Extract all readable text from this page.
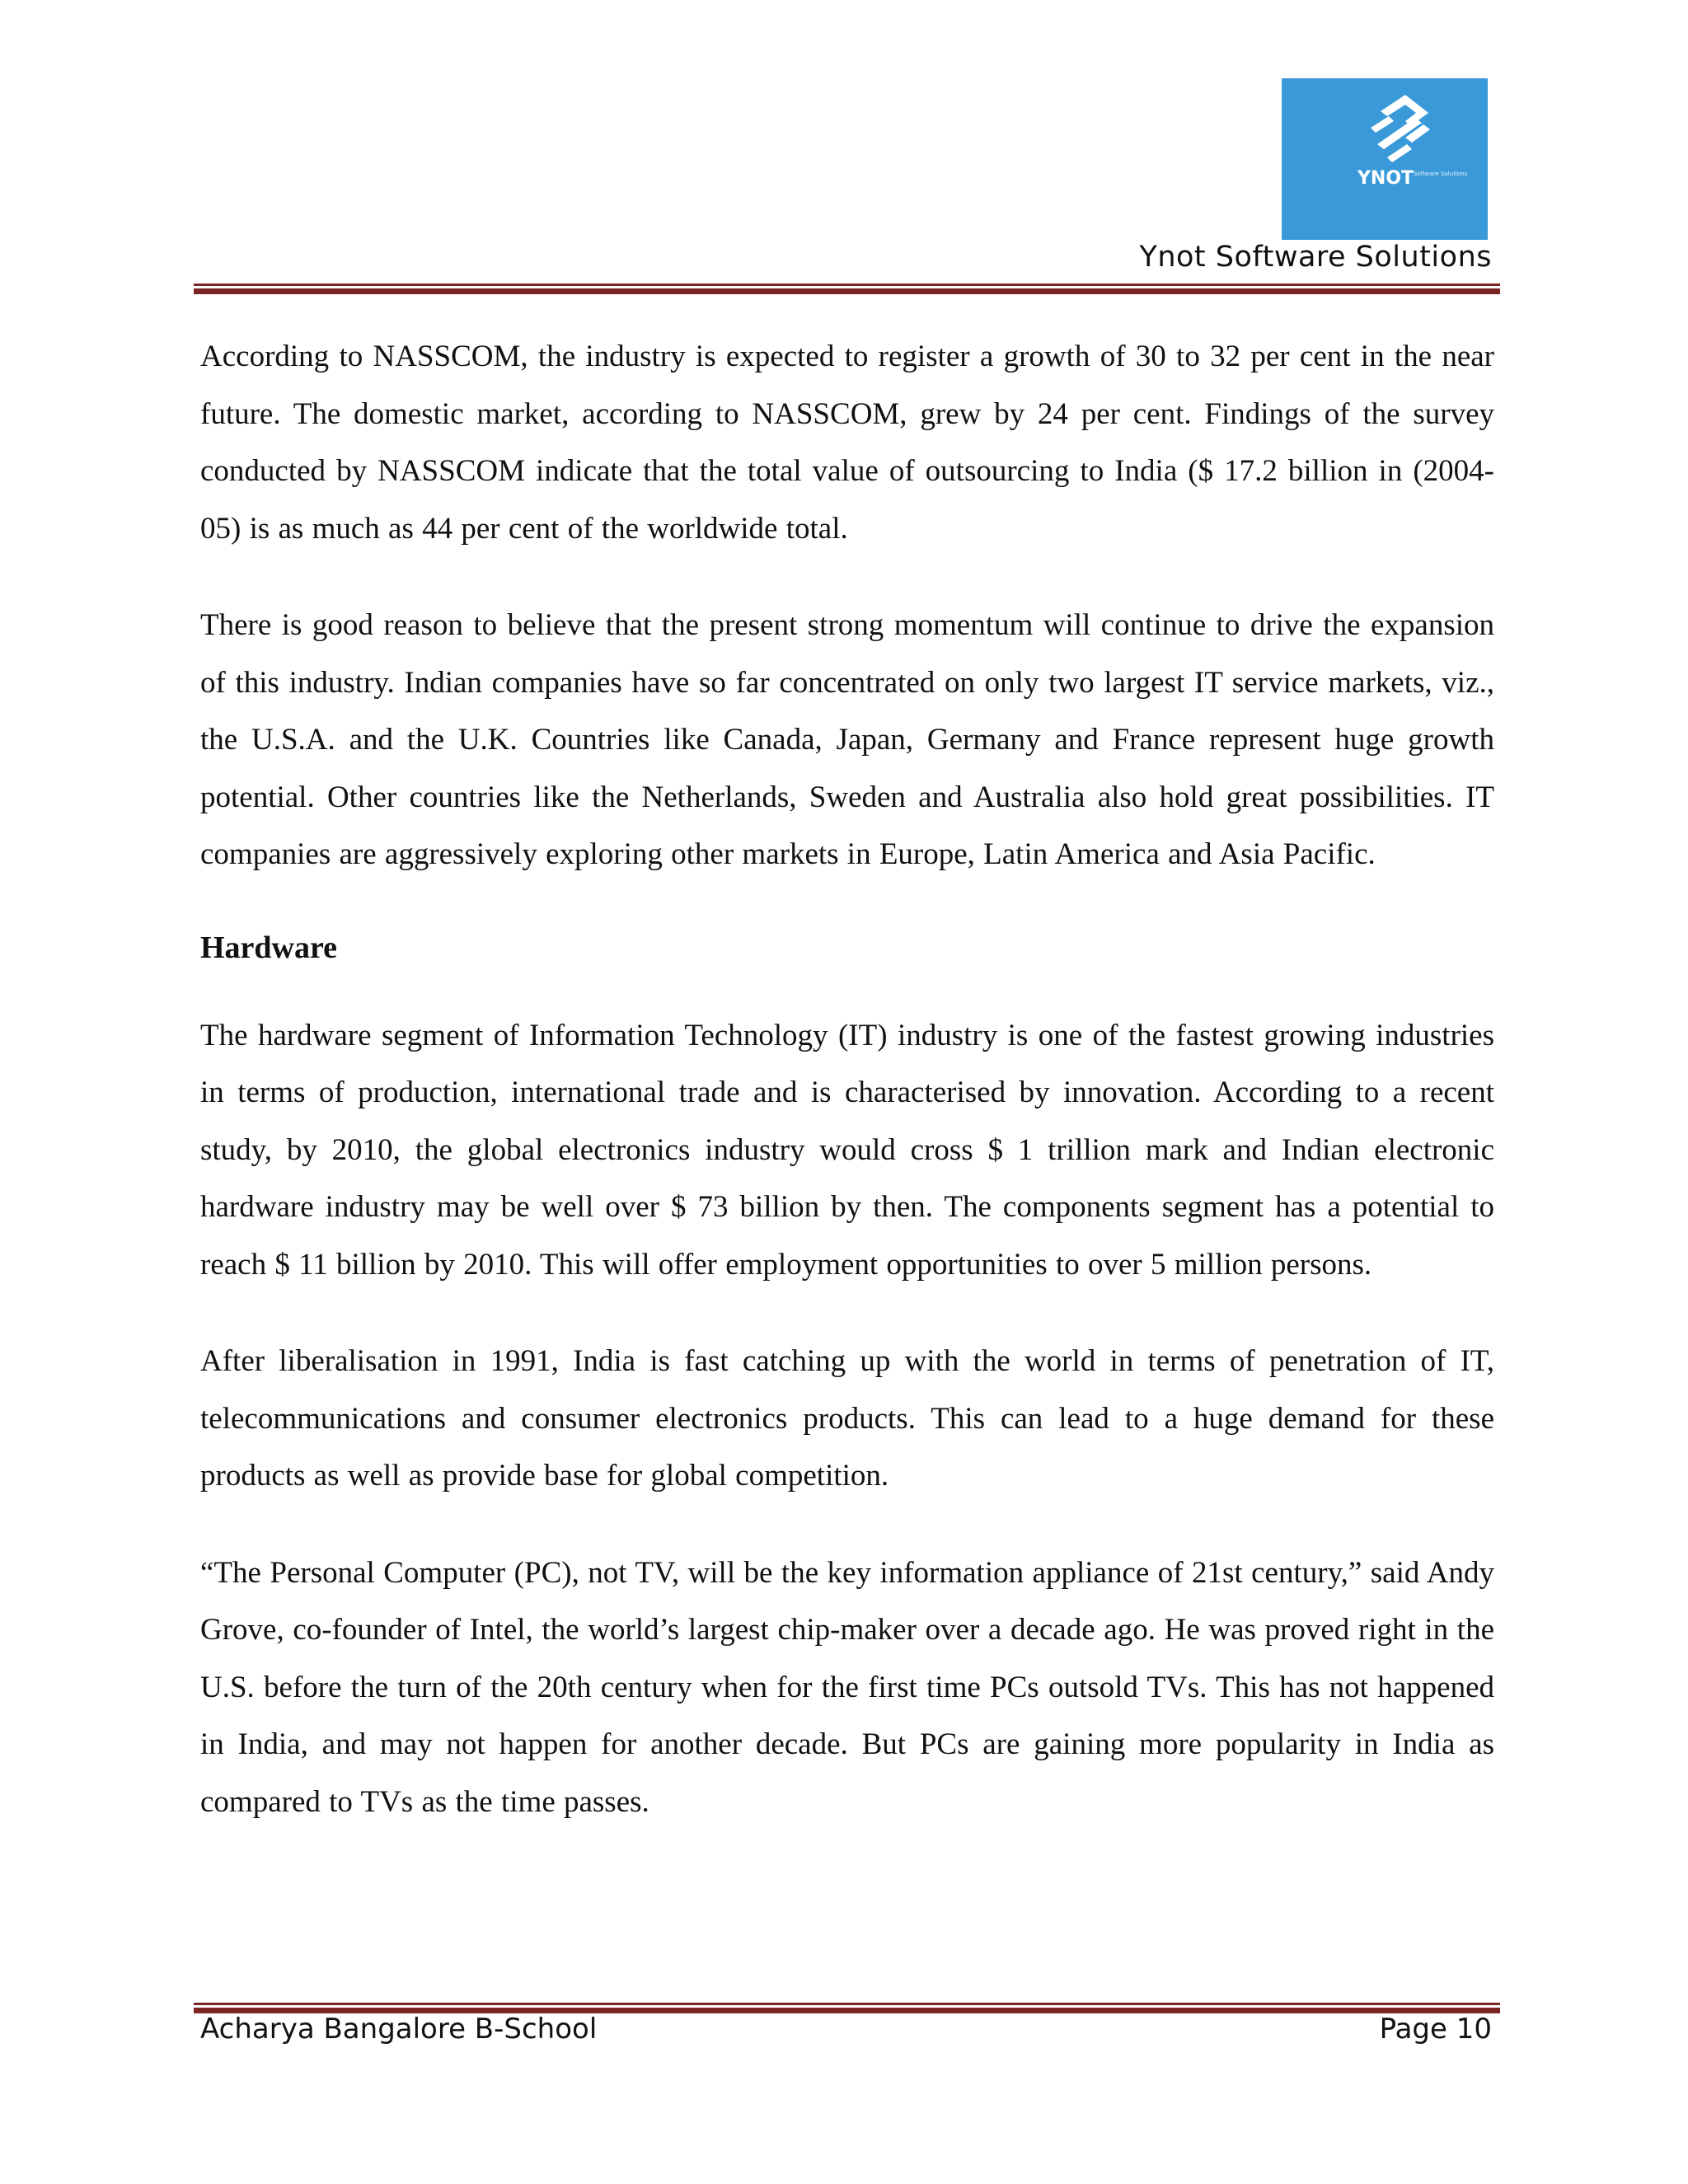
YNOT Software Solutions
Ynot Software Solutions

According to NASSCOM, the industry is expected to register a growth of 30 to 32 per cent in the near future. The domestic market, according to NASSCOM, grew by 24 per cent. Findings of the survey conducted by NASSCOM indicate that the total value of outsourcing to India ($ 17.2 billion in (2004- 05) is as much as 44 per cent of the worldwide total.

There is good reason to believe that the present strong momentum will continue to drive the expansion of this industry. Indian companies have so far concentrated on only two largest IT service markets, viz., the U.S.A. and the U.K. Countries like Canada, Japan, Germany and France represent huge growth potential. Other countries like the Netherlands, Sweden and Australia also hold great possibilities. IT companies are aggressively exploring other markets in Europe, Latin America and Asia Pacific.

Hardware

The hardware segment of Information Technology (IT) industry is one of the fastest growing industries in terms of production, international trade and is characterised by innovation. According to a recent study, by 2010, the global electronics industry would cross $ 1 trillion mark and Indian electronic hardware industry may be well over $ 73 billion by then. The components segment has a potential to reach $ 11 billion by 2010. This will offer employment opportunities to over 5 million persons.

After liberalisation in 1991, India is fast catching up with the world in terms of penetration of IT, telecommunications and consumer electronics products. This can lead to a huge demand for these products as well as provide base for global competition.

“The Personal Computer (PC), not TV, will be the key information appliance of 21st century,” said Andy Grove, co-founder of Intel, the world’s largest chip-maker over a decade ago. He was proved right in the U.S. before the turn of the 20th century when for the first time PCs outsold TVs. This has not happened in India, and may not happen for another decade. But PCs are gaining more popularity in India as compared to TVs as the time passes.

Acharya Bangalore B-School	Page 10
